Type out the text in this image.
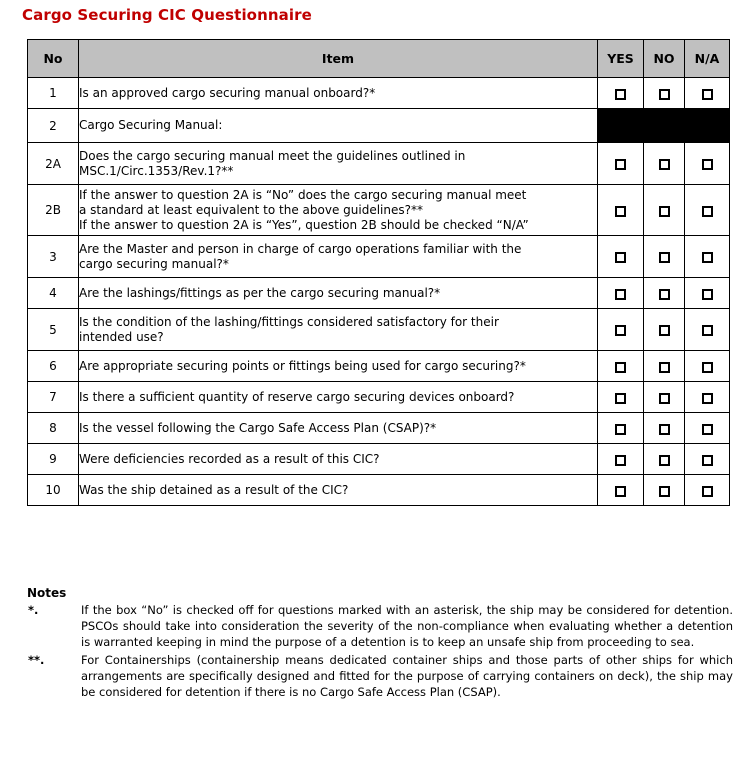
Cargo Securing CIC Questionnaire
No	Item	YES	NO	N/A
1	Is an approved cargo securing manual onboard?*			

2	Cargo Securing Manual:			

2A	Does the cargo securing manual meet the guidelines outlined in
MSC.1/Circ.1353/Rev.1?**			

2B	If the answer to question 2A is “No” does the cargo securing manual meet
a standard at least equivalent to the above guidelines?**
If the answer to question 2A is “Yes”, question 2B should be checked “N/A”			

3	Are the Master and person in charge of cargo operations familiar with the
cargo securing manual?*			

4	Are the lashings/fittings as per the cargo securing manual?*			

5	Is the condition of the lashing/fittings considered satisfactory for their
intended use?			

6	Are appropriate securing points or fittings being used for cargo securing?*			

7	Is there a sufficient quantity of reserve cargo securing devices onboard?			

8	Is the vessel following the Cargo Safe Access Plan (CSAP)?*			

9	Were deficiencies recorded as a result of this CIC?			

10	Was the ship detained as a result of the CIC?			

Notes
*.	If the box “No” is checked off for questions marked with an asterisk, the ship may be considered for detention. PSCOs should take into consideration the severity of the non-compliance when evaluating whether a detention is warranted keeping in mind the purpose of a detention is to keep an unsafe ship from proceeding to sea.
**.	For Containerships (containership means dedicated container ships and those parts of other ships for which arrangements are specifically designed and fitted for the purpose of carrying containers on deck), the ship may be considered for detention if there is no Cargo Safe Access Plan (CSAP).
